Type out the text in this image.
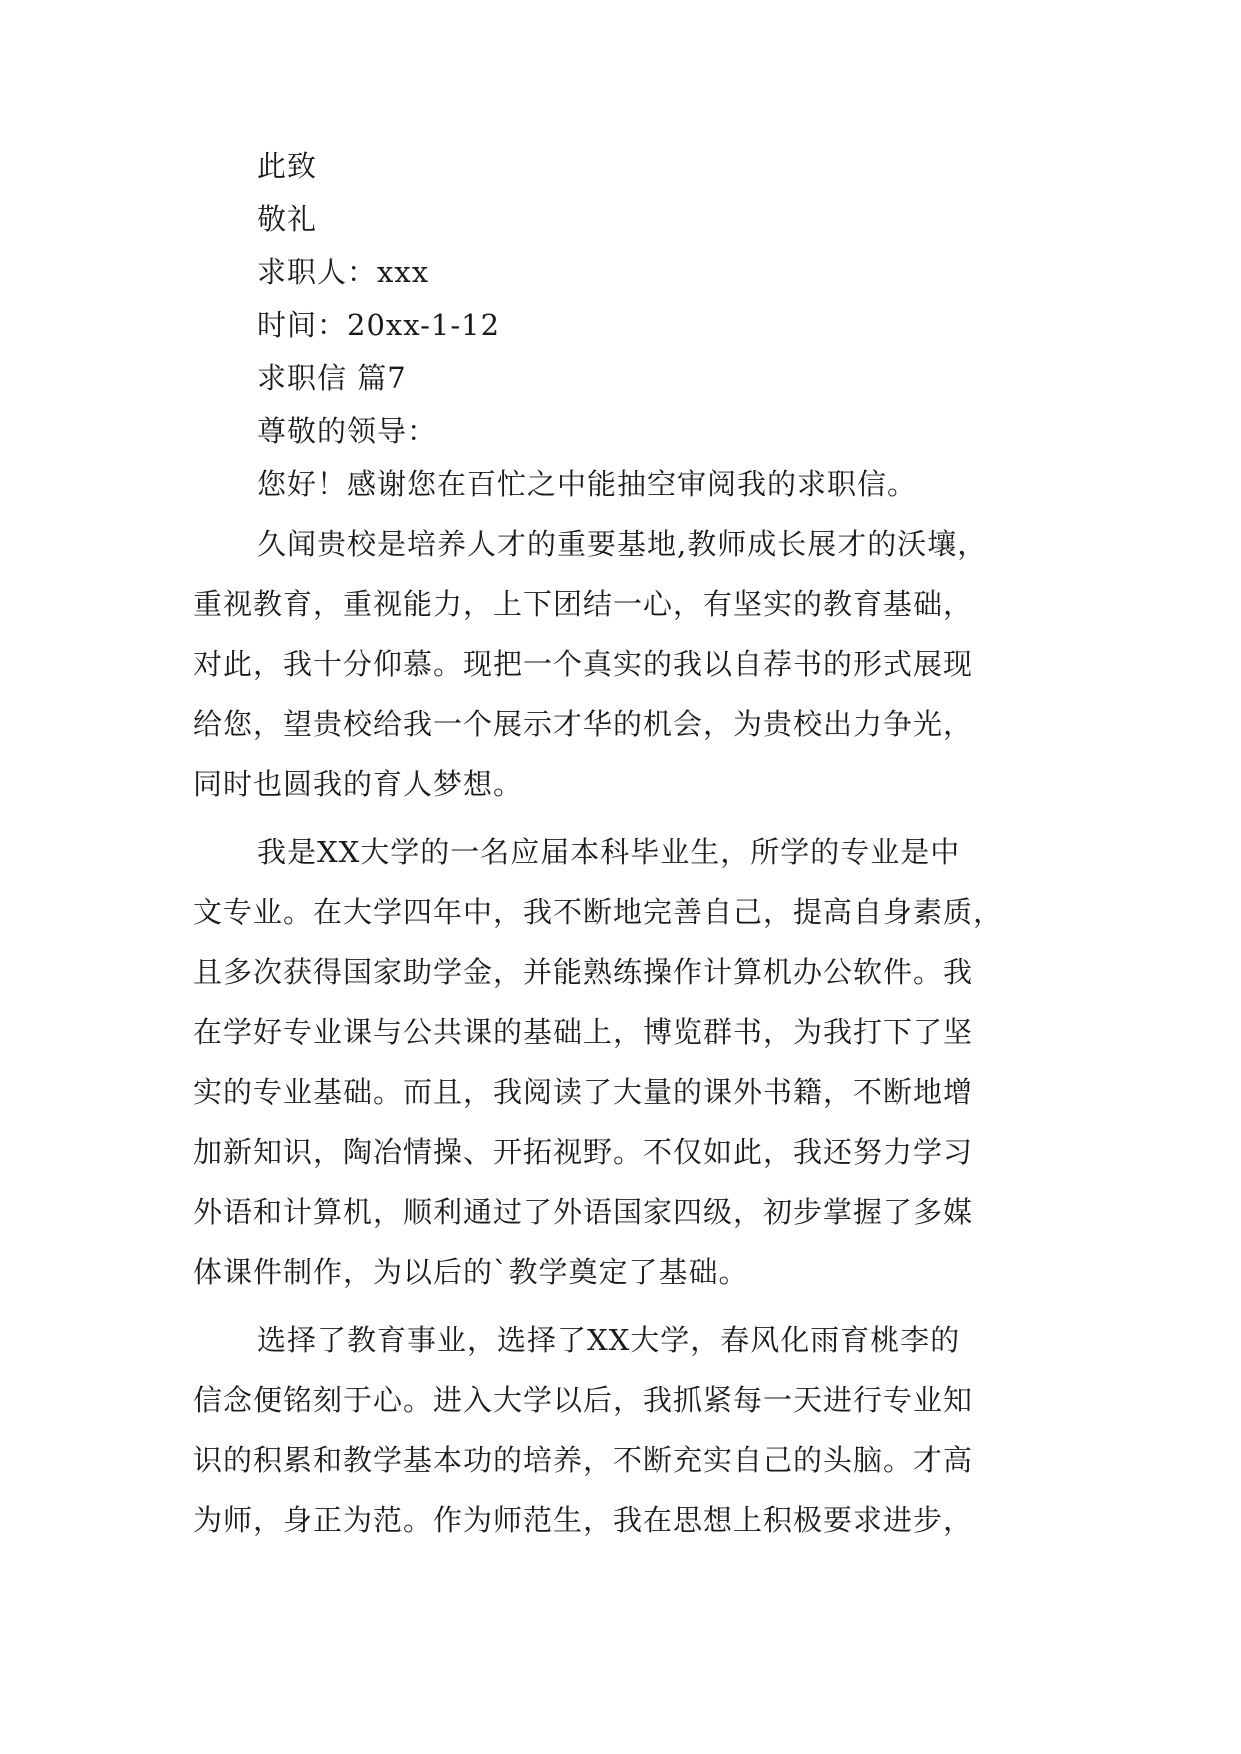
此致
敬礼
求职人：xxx
时间：20xx-1-12
求职信 篇7
尊敬的领导：
您好！感谢您在百忙之中能抽空审阅我的求职信。
久闻贵校是培养人才的重要基地,教师成长展才的沃壤，
重视教育，重视能力，上下团结一心，有坚实的教育基础，
对此，我十分仰慕。现把一个真实的我以自荐书的形式展现
给您，望贵校给我一个展示才华的机会，为贵校出力争光，
同时也圆我的育人梦想。
我是XX大学的一名应届本科毕业生，所学的专业是中
文专业。在大学四年中，我不断地完善自己，提高自身素质，
且多次获得国家助学金，并能熟练操作计算机办公软件。我
在学好专业课与公共课的基础上，博览群书，为我打下了坚
实的专业基础。而且，我阅读了大量的课外书籍，不断地增
加新知识，陶冶情操、开拓视野。不仅如此，我还努力学习
外语和计算机，顺利通过了外语国家四级，初步掌握了多媒
体课件制作，为以后的`教学奠定了基础。
选择了教育事业，选择了XX大学，春风化雨育桃李的
信念便铭刻于心。进入大学以后，我抓紧每一天进行专业知
识的积累和教学基本功的培养，不断充实自己的头脑。才高
为师，身正为范。作为师范生，我在思想上积极要求进步，
